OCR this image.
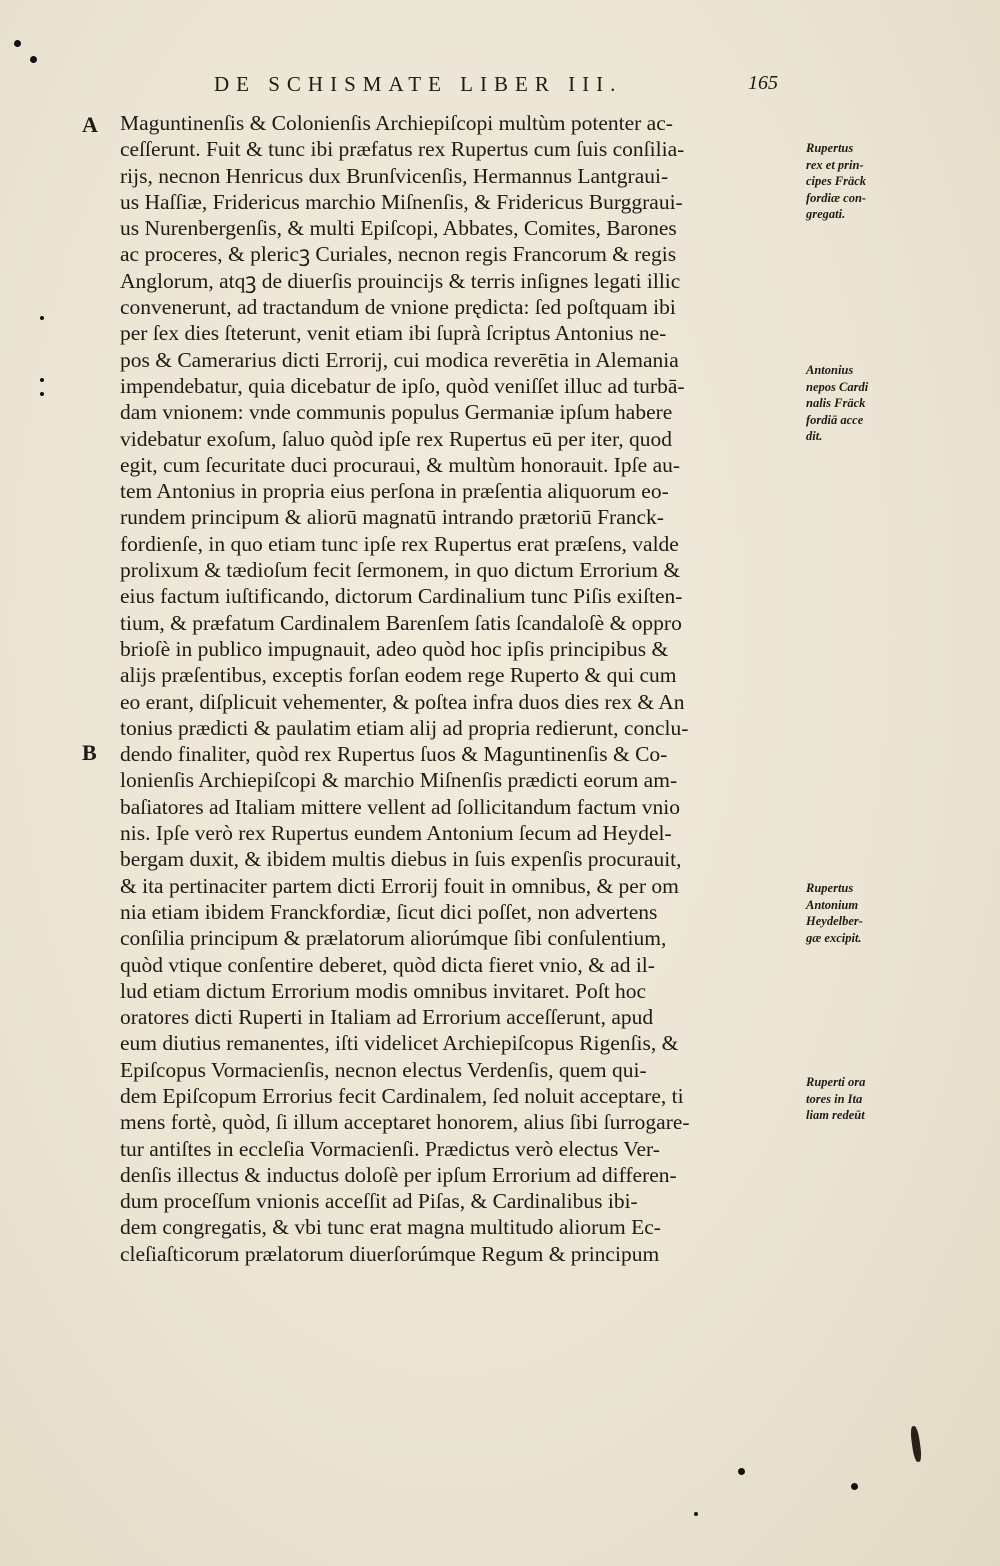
DE SCHISMATE LIBER III.	165
A
B
Maguntinenſis & Colonienſis Archiepiſcopi multùm potenter ac-
ceſſerunt. Fuit & tunc ibi præfatus rex Rupertus cum ſuis conſilia-
rijs, necnon Henricus dux Brunſvicenſis, Hermannus Lantgraui-
us Haſſiæ, Fridericus marchio Miſnenſis, & Fridericus Burggraui-
us Nurenbergenſis, & multi Epiſcopi, Abbates, Comites, Barones
ac proceres, & plericꝫ Curiales, necnon regis Francorum & regis
Anglorum, atqꝫ de diuerſis prouincijs & terris inſignes legati illic
convenerunt, ad tractandum de vnione prędicta: ſed poſtquam ibi
per ſex dies ſteterunt, venit etiam ibi ſuprà ſcriptus Antonius ne-
pos & Camerarius dicti Errorij, cui modica reverētia in Alemania
impendebatur, quia dicebatur de ipſo, quòd veniſſet illuc ad turbā-
dam vnionem: vnde communis populus Germaniæ ipſum habere
videbatur exoſum, ſaluo quòd ipſe rex Rupertus eū per iter, quod
egit, cum ſecuritate duci procuraui, & multùm honorauit. Ipſe au-
tem Antonius in propria eius perſona in præſentia aliquorum eo-
rundem principum & aliorū magnatū intrando prætoriū Franck-
fordienſe, in quo etiam tunc ipſe rex Rupertus erat præſens, valde
prolixum & tædioſum fecit ſermonem, in quo dictum Errorium &
eius factum iuſtificando, dictorum Cardinalium tunc Piſis exiſten-
tium, & præfatum Cardinalem Barenſem ſatis ſcandaloſè & oppro
brioſè in publico impugnauit, adeo quòd hoc ipſis principibus &
alijs præſentibus, exceptis forſan eodem rege Ruperto & qui cum
eo erant, diſplicuit vehementer, & poſtea infra duos dies rex & An
tonius prædicti & paulatim etiam alij ad propria redierunt, conclu-
dendo finaliter, quòd rex Rupertus ſuos & Maguntinenſis & Co-
lonienſis Archiepiſcopi & marchio Miſnenſis prædicti eorum am-
baſiatores ad Italiam mittere vellent ad ſollicitandum factum vnio
nis. Ipſe verò rex Rupertus eundem Antonium ſecum ad Heydel-
bergam duxit, & ibidem multis diebus in ſuis expenſis procurauit,
& ita pertinaciter partem dicti Errorij fouit in omnibus, & per om
nia etiam ibidem Franckfordiæ, ſicut dici poſſet, non advertens
conſilia principum & prælatorum aliorúmque ſibi conſulentium,
quòd vtique conſentire deberet, quòd dicta fieret vnio, & ad il-
lud etiam dictum Errorium modis omnibus invitaret. Poſt hoc
oratores dicti Ruperti in Italiam ad Errorium acceſſerunt, apud
eum diutius remanentes, iſti videlicet Archiepiſcopus Rigenſis, &
Epiſcopus Vormacienſis, necnon electus Verdenſis, quem qui-
dem Epiſcopum Errorius fecit Cardinalem, ſed noluit acceptare, ti
mens fortè, quòd, ſi illum acceptaret honorem, alius ſibi ſurrogare-
tur antiſtes in eccleſia Vormacienſi. Prædictus verò electus Ver-
denſis illectus & inductus doloſè per ipſum Errorium ad differen-
dum proceſſum vnionis acceſſit ad Piſas, & Cardinalibus ibi-
dem congregatis, & vbi tunc erat magna multitudo aliorum Ec-
cleſiaſticorum prælatorum diuerſorúmque Regum & principum
Rupertus
rex et prin-
cipes Fräck
fordiæ con-
gregati.
Antonius
nepos Cardi
nalis Fräck
fordiā acce
dit.
Rupertus
Antonium
Heydelber-
gæ excipit.
Ruperti ora
tores in Ita
liam redeūt
